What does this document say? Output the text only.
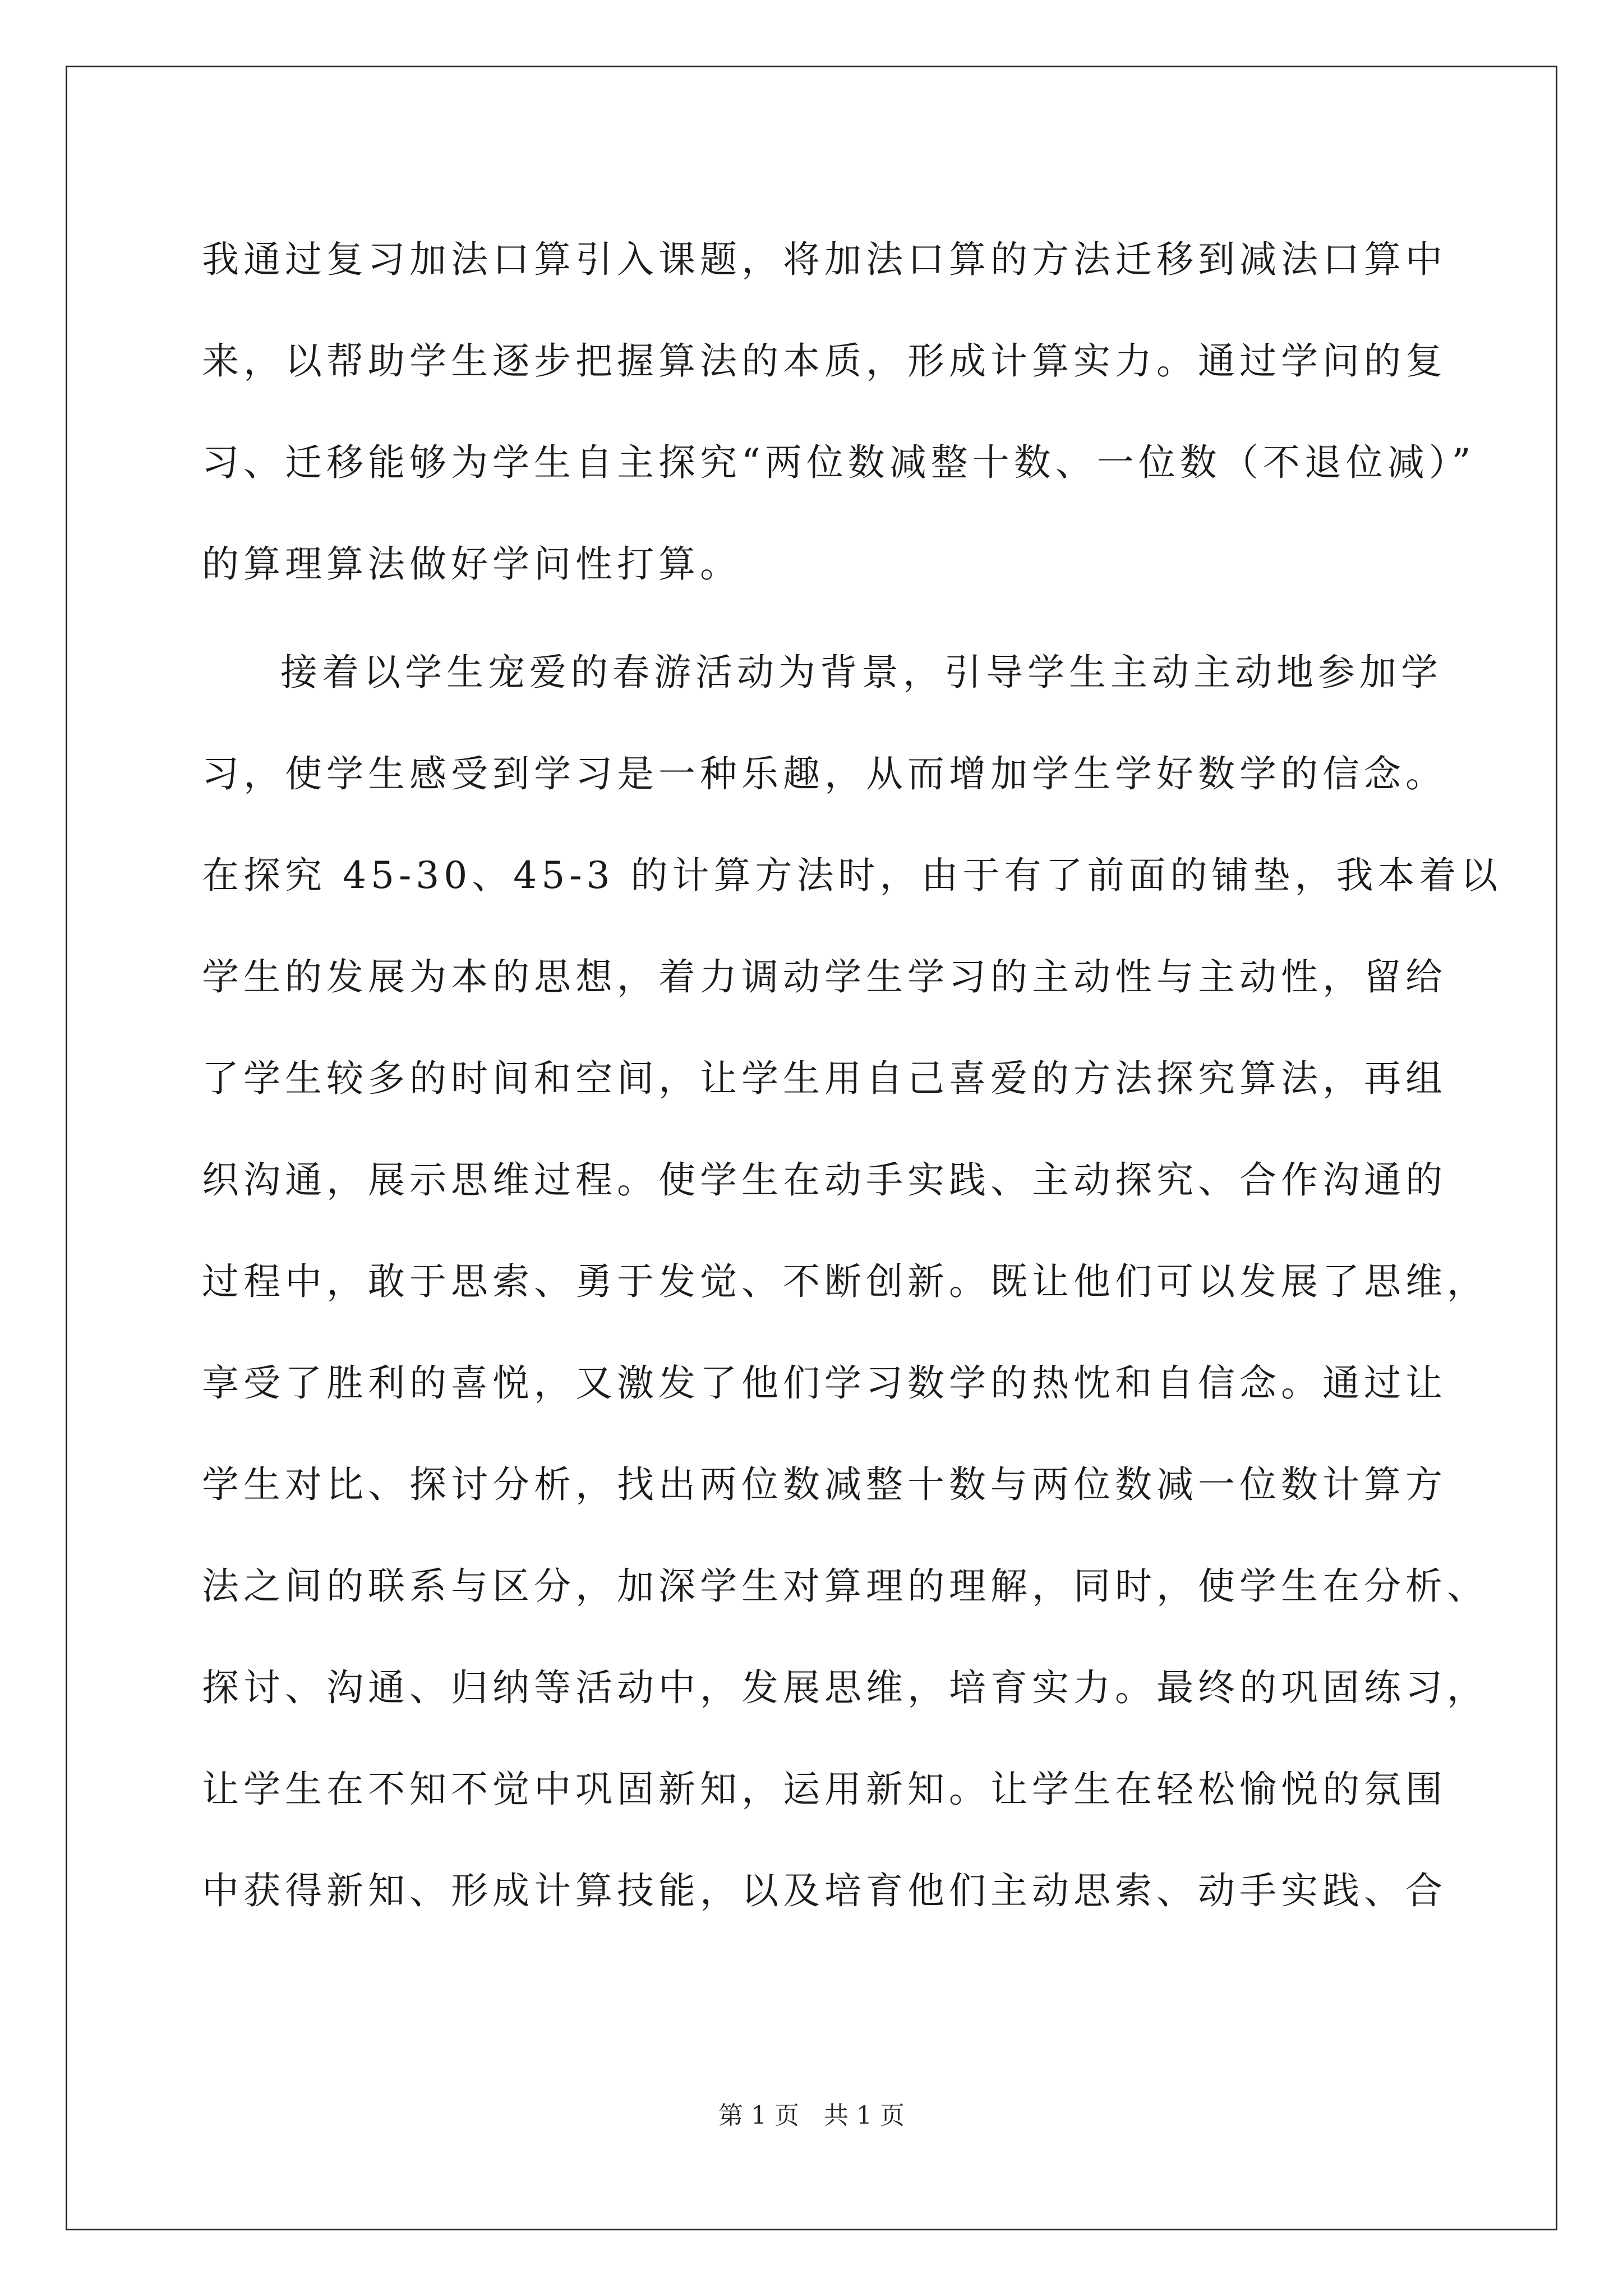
我通过复习加法口算引入课题，将加法口算的方法迁移到减法口算中
来，以帮助学生逐步把握算法的本质，形成计算实力。通过学问的复
习、迁移能够为学生自主探究“两位数减整十数、一位数（不退位减）”
的算理算法做好学问性打算。
接着以学生宠爱的春游活动为背景，引导学生主动主动地参加学
习，使学生感受到学习是一种乐趣，从而增加学生学好数学的信念。
在探究 45-30、45-3 的计算方法时，由于有了前面的铺垫，我本着以
学生的发展为本的思想，着力调动学生学习的主动性与主动性，留给
了学生较多的时间和空间，让学生用自己喜爱的方法探究算法，再组
织沟通，展示思维过程。使学生在动手实践、主动探究、合作沟通的
过程中，敢于思索、勇于发觉、不断创新。既让他们可以发展了思维，
享受了胜利的喜悦，又激发了他们学习数学的热忱和自信念。通过让
学生对比、探讨分析，找出两位数减整十数与两位数减一位数计算方
法之间的联系与区分，加深学生对算理的理解，同时，使学生在分析、
探讨、沟通、归纳等活动中，发展思维，培育实力。最终的巩固练习，
让学生在不知不觉中巩固新知，运用新知。让学生在轻松愉悦的氛围
中获得新知、形成计算技能，以及培育他们主动思索、动手实践、合
第 1 页　共 1 页
